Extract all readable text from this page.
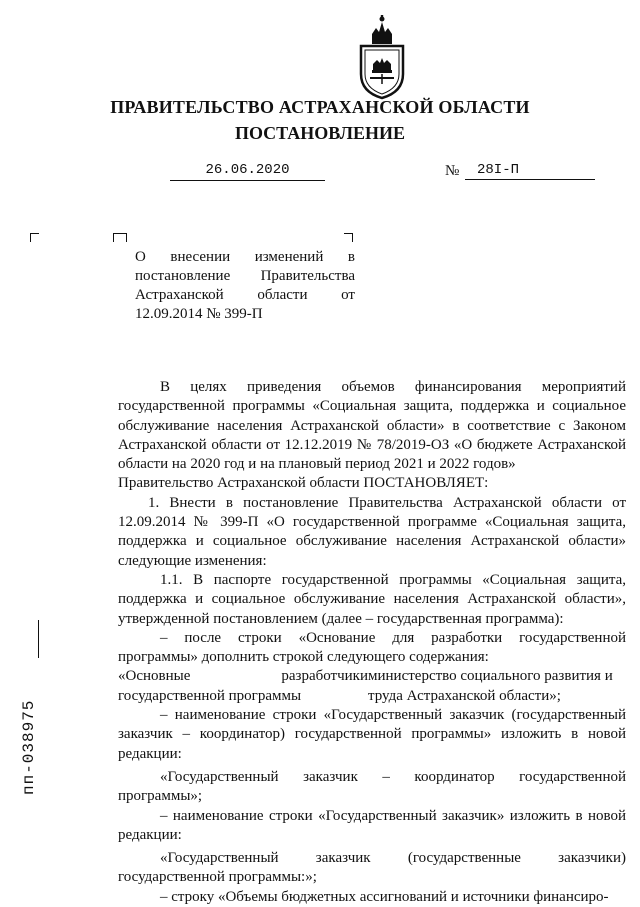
ПРАВИТЕЛЬСТВО АСТРАХАНСКОЙ ОБЛАСТИ
ПОСТАНОВЛЕНИЕ
26.06.2020	№	28I-П
О внесении изменений в постановление Правительства Астраханской области от 12.09.2014 № 399-П
пп-038975

В целях приведения объемов финансирования мероприятий государственной программы «Социальная защита, поддержка и социальное обслуживание населения Астраханской области» в соответствие с Законом Астраханской области от 12.12.2019 № 78/2019-ОЗ «О бюджете Астраханской области на 2020 год и на плановый период 2021 и 2022 годов»

Правительство Астраханской области ПОСТАНОВЛЯЕТ:

1. Внести в постановление Правительства Астраханской области от 12.09.2014 № 399-П «О государственной программе «Социальная защита, поддержка и социальное обслуживание населения Астраханской области» следующие изменения:

1.1. В паспорте государственной программы «Социальная защита, поддержка и социальное обслуживание населения Астраханской области», утвержденной постановлением (далее – государственная программа):

– после строки «Основание для разработки государственной программы» дополнить строкой следующего содержания:

«Основные разработчики государственной программы
министерство социального развития и труда Астраханской области»;

– наименование строки «Государственный заказчик (государственный заказчик – координатор) государственной программы» изложить в новой редакции:

«Государственный заказчик – координатор государственной программы»;

– наименование строки «Государственный заказчик» изложить в новой редакции:

«Государственный заказчик (государственные заказчики) государственной программы:»;

– строку «Объемы бюджетных ассигнований и источники финансиро-
